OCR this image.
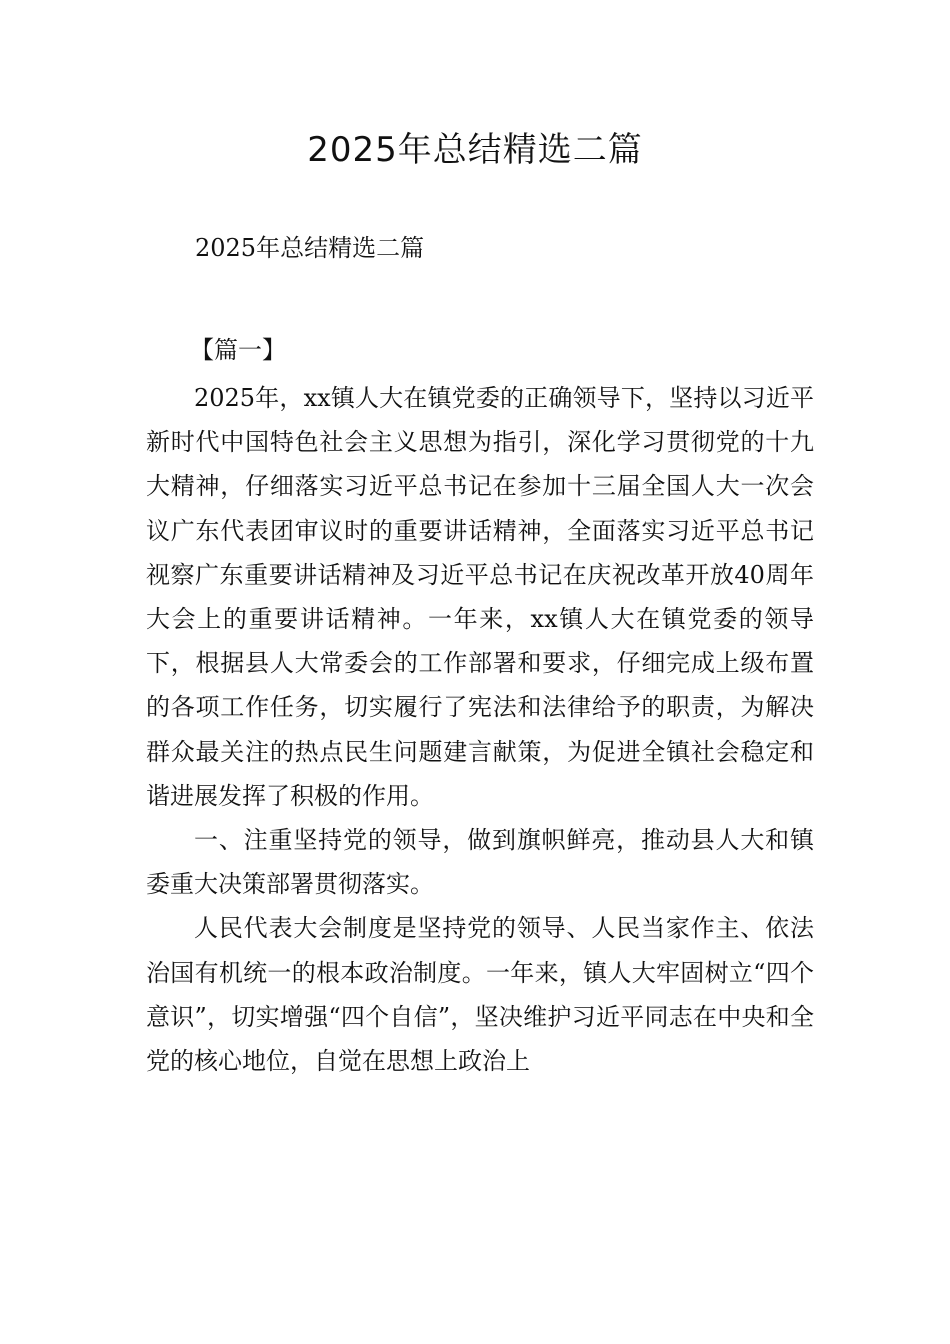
2025年总结精选二篇
2025年总结精选二篇
【篇一】

2025年，xx镇人大在镇党委的正确领导下，坚持以习近平新时代中国特色社会主义思想为指引，深化学习贯彻党的十九大精神，仔细落实习近平总书记在参加十三届全国人大一次会议广东代表团审议时的重要讲话精神，全面落实习近平总书记视察广东重要讲话精神及习近平总书记在庆祝改革开放40周年大会上的重要讲话精神。一年来，xx镇人大在镇党委的领导下，根据县人大常委会的工作部署和要求，仔细完成上级布置的各项工作任务，切实履行了宪法和法律给予的职责，为解决群众最关注的热点民生问题建言献策，为促进全镇社会稳定和谐进展发挥了积极的作用。

一、注重坚持党的领导，做到旗帜鲜亮，推动县人大和镇委重大决策部署贯彻落实。

人民代表大会制度是坚持党的领导、人民当家作主、依法治国有机统一的根本政治制度。一年来，镇人大牢固树立“四个意识”，切实增强“四个自信”，坚决维护习近平同志在中央和全党的核心地位，自觉在思想上政治上
